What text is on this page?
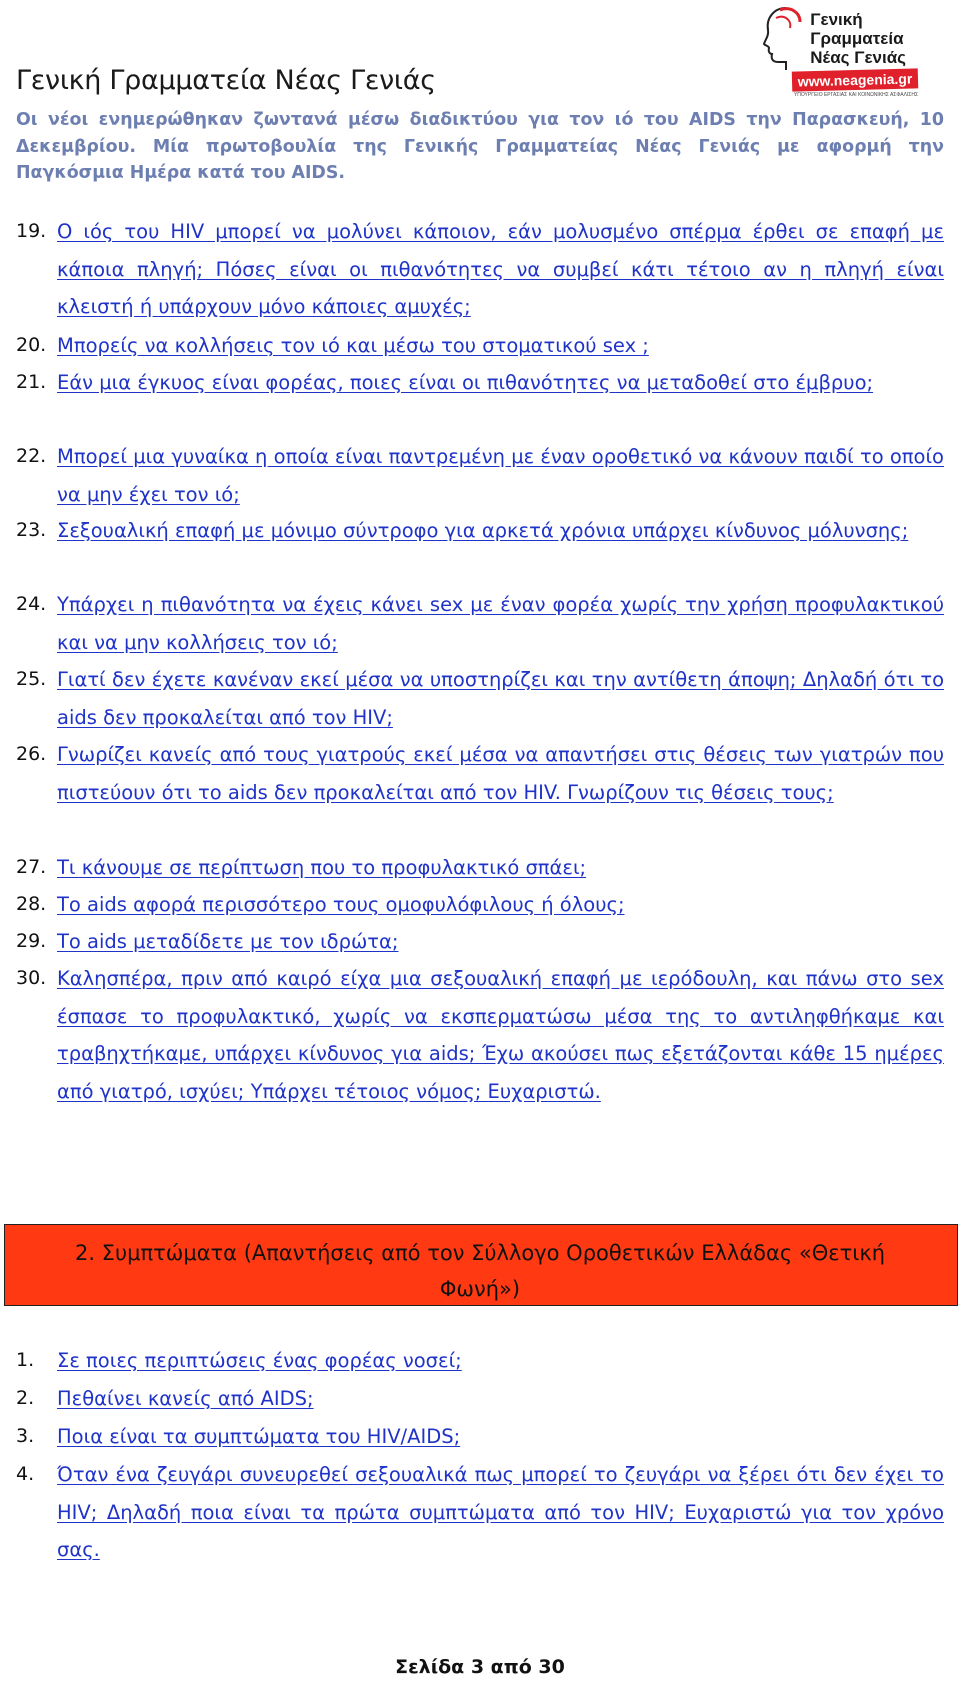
Γενική Γραμματεία Νέας Γενιάς
Γενική
Γραμματεία
Νέας Γενιάς
www.neagenia.gr
ΥΠΟΥΡΓΕΙΟ ΕΡΓΑΣΙΑΣ ΚΑΙ ΚΟΙΝΩΝΙΚΗΣ ΑΣΦΑΛΙΣΗΣ

Οι νέοι ενημερώθηκαν ζωντανά μέσω διαδικτύου για τον ιό του AIDS την Παρασκευή, 10 Δεκεμβρίου. Μία πρωτοβουλία της Γενικής Γραμματείας Νέας Γενιάς με αφορμή την Παγκόσμια Ημέρα κατά του AIDS.

19. Ο ιός του HIV μπορεί να μολύνει κάποιον, εάν μολυσμένο σπέρμα έρθει σε επαφή με κάποια πληγή; Πόσες είναι οι πιθανότητες να συμβεί κάτι τέτοιο αν η πληγή είναι κλειστή ή υπάρχουν μόνο κάποιες αμυχές;
20. Μπορείς να κολλήσεις τον ιό και μέσω του στοματικού sex ;
21. Εάν μια έγκυος είναι φορέας, ποιες είναι οι πιθανότητες να μεταδοθεί στο έμβρυο;
22. Μπορεί μια γυναίκα η οποία είναι παντρεμένη με έναν οροθετικό να κάνουν παιδί το οποίο να μην έχει τον ιό;
23. Σεξουαλική επαφή με μόνιμο σύντροφο για αρκετά χρόνια υπάρχει κίνδυνος μόλυνσης;
24. Υπάρχει η πιθανότητα να έχεις κάνει sex με έναν φορέα χωρίς την χρήση προφυλακτικού και να μην κολλήσεις τον ιό;
25. Γιατί δεν έχετε κανέναν εκεί μέσα να υποστηρίζει και την αντίθετη άποψη; Δηλαδή ότι το aids δεν προκαλείται από τον HIV;
26. Γνωρίζει κανείς από τους γιατρούς εκεί μέσα να απαντήσει στις θέσεις των γιατρών που πιστεύουν ότι το aids δεν προκαλείται από τον HIV. Γνωρίζουν τις θέσεις τους;
27. Τι κάνουμε σε περίπτωση που το προφυλακτικό σπάει;
28. Το aids αφορά περισσότερο τους ομοφυλόφιλους ή όλους;
29. Το aids μεταδίδετε με τον ιδρώτα;
30. Καλησπέρα, πριν από καιρό είχα μια σεξουαλική επαφή με ιερόδουλη, και πάνω στο sex έσπασε το προφυλακτικό, χωρίς να εκσπερματώσω μέσα της το αντιληφθήκαμε και τραβηχτήκαμε, υπάρχει κίνδυνος για aids; Έχω ακούσει πως εξετάζονται κάθε 15 ημέρες από γιατρό, ισχύει; Υπάρχει τέτοιος νόμος; Ευχαριστώ.
2. Συμπτώματα (Απαντήσεις από τον Σύλλογο Οροθετικών Ελλάδας «Θετική Φωνή»)
1. Σε ποιες περιπτώσεις ένας φορέας νοσεί;
2. Πεθαίνει κανείς από AIDS;
3. Ποια είναι τα συμπτώματα του HIV/AIDS;
4. Όταν ένα ζευγάρι συνευρεθεί σεξουαλικά πως μπορεί το ζευγάρι να ξέρει ότι δεν έχει το HIV; Δηλαδή ποια είναι τα πρώτα συμπτώματα από τον HIV; Ευχαριστώ για τον χρόνο σας.
Σελίδα 3 από 30
